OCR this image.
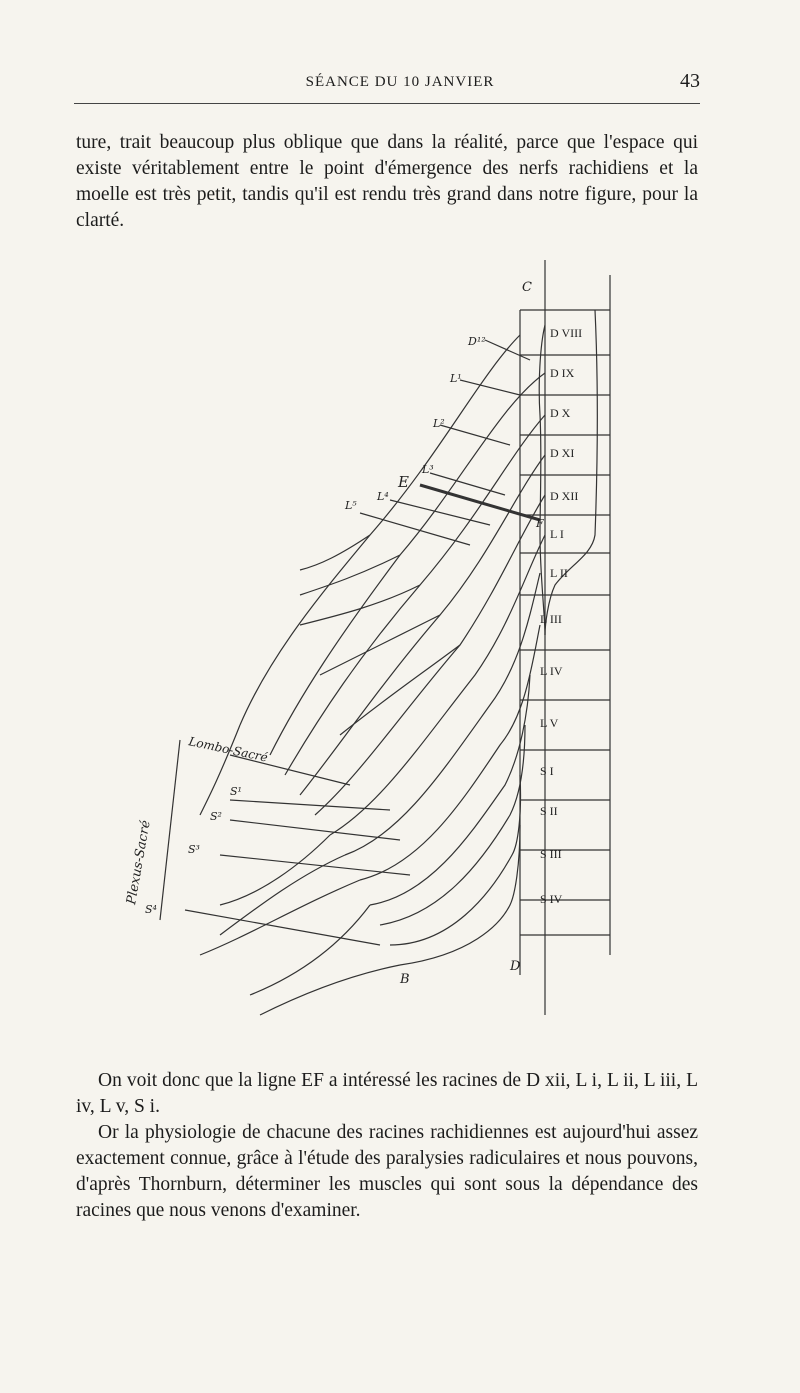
SÉANCE DU 10 JANVIER	43
ture, trait beaucoup plus oblique que dans la réalité, parce que l'espace qui existe véritablement entre le point d'émergence des nerfs rachidiens et la moelle est très petit, tandis qu'il est rendu très grand dans notre figure, pour la clarté.
C
E
F
D¹²
L¹
L²
L³
L⁴
L⁵
S¹
S²
S³
S⁴
Lombo-Sacré
Plexus-Sacré
D VIII
D IX
D X
D XI
D XII
L I
L II
L III
L IV
L V
S I
S II
S III
S IV
B
D
On voit donc que la ligne EF a intéressé les racines de D xii, L i, L ii, L iii, L iv, L v, S i.
Or la physiologie de chacune des racines rachidiennes est aujourd'hui assez exactement connue, grâce à l'étude des paralysies radiculaires et nous pouvons, d'après Thornburn, déterminer les muscles qui sont sous la dépendance des racines que nous venons d'examiner.
